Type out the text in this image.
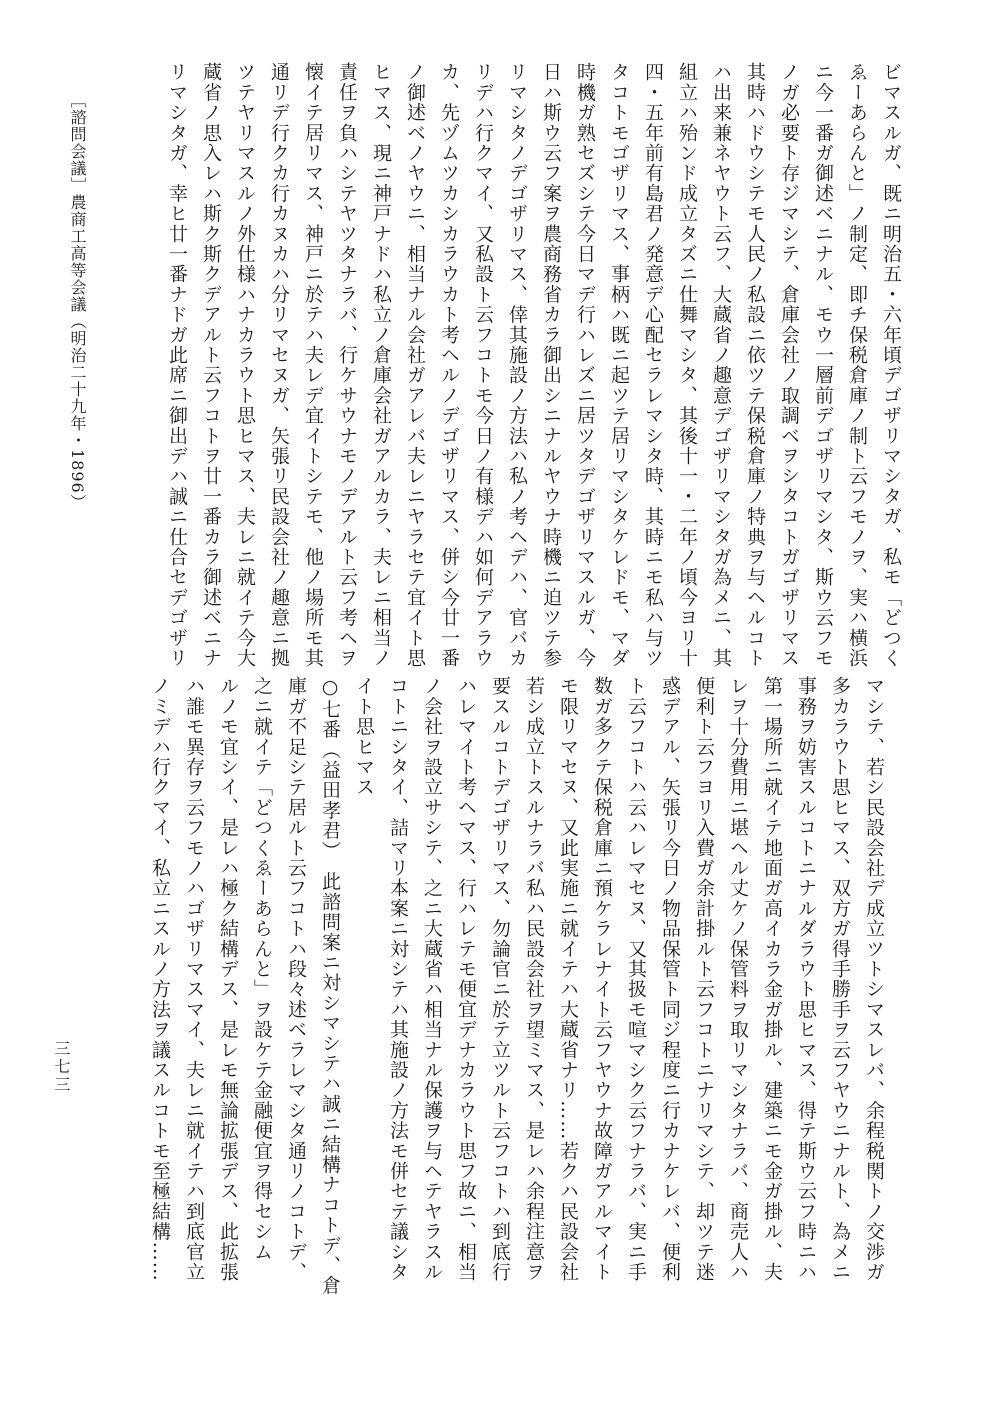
ビマスルガ、既ニ明治五・六年頃デゴザリマシタガ、私モ「どつく
ゑーあらんと」ノ制定、即チ保税倉庫ノ制ト云フモノヲ、実ハ横浜
ニ今一番ガ御述ベニナル、モウ一層前デゴザリマシタ、斯ウ云フモ
ノガ必要ト存ジマシテ、倉庫会社ノ取調ベヲシタコトガゴザリマス
其時ハドウシテモ人民ノ私設ニ依ツテ保税倉庫ノ特典ヲ与ヘルコト
ハ出来兼ネヤウト云フ、大蔵省ノ趣意デゴザリマシタガ為メニ、其
組立ハ殆ンド成立タズニ仕舞マシタ、其後十一・二年ノ頃今ヨリ十
四・五年前有島君ノ発意デ心配セラレマシタ時、其時ニモ私ハ与ツ
タコトモゴザリマス、事柄ハ既ニ起ツテ居リマシタケレドモ、マダ
時機ガ熟セズシテ今日マデ行ハレズニ居ツタデゴザリマスルガ、今
日ハ斯ウ云フ案ヲ農商務省カラ御出シニナルヤウナ時機ニ迫ツテ参
リマシタノデゴザリマス、倖其施設ノ方法ハ私ノ考ヘデハ、官バカ
リデハ行クマイ、又私設ト云フコトモ今日ノ有様デハ如何デアラウ
カ、先ヅムツカシカラウカト考ヘルノデゴザリマス、併シ今廿一番
ノ御述ベノヤウニ、相当ナル会社ガアレバ夫レニヤラセテ宜イト思
ヒマス、現ニ神戸ナドハ私立ノ倉庫会社ガアルカラ、夫レニ相当ノ
責任ヲ負ハシテヤツタナラバ、行ケサウナモノデアルト云フ考ヘヲ
懐イテ居リマス、神戸ニ於テハ夫レデ宜イトシテモ、他ノ場所モ其
通リデ行クカ行カヌカハ分リマセヌガ、矢張リ民設会社ノ趣意ニ拠
ツテヤリマスルノ外仕様ハナカラウト思ヒマス、夫レニ就イテ今大
蔵省ノ思入レハ斯ク斯クデアルト云フコトヲ廿一番カラ御述ベニナ
リマシタガ、幸ヒ廿一番ナドガ此席ニ御出デハ誠ニ仕合セデゴザリ
マシテ、若シ民設会社デ成立ツトシマスレバ、余程税関トノ交渉ガ
多カラウト思ヒマス、双方ガ得手勝手ヲ云フヤウニナルト、為メニ
事務ヲ妨害スルコトニナルダラウト思ヒマス、得テ斯ウ云フ時ニハ
第一場所ニ就イテ地面ガ高イカラ金ガ掛ル、建築ニモ金ガ掛ル、夫
レヲ十分費用ニ堪ヘル丈ケノ保管料ヲ取リマシタナラバ、商売人ハ
便利ト云フヨリ入費ガ余計掛ルト云フコトニナリマシテ、却ツテ迷
惑デアル、矢張リ今日ノ物品保管ト同ジ程度ニ行カナケレバ、便利
ト云フコトハ云ハレマセヌ、又其扱モ喧マシク云フナラバ、実ニ手
数ガ多クテ保税倉庫ニ預ケラレナイト云フヤウナ故障ガアルマイト
モ限リマセヌ、又此実施ニ就イテハ大蔵省ナリ……若クハ民設会社
若シ成立トスルナラバ私ハ民設会社ヲ望ミマス、是レハ余程注意ヲ
要スルコトデゴザリマス、勿論官ニ於テ立ツルト云フコトハ到底行
ハレマイト考ヘマス、行ハレテモ便宜デナカラウト思フ故ニ、相当
ノ会社ヲ設立サシテ、之ニ大蔵省ハ相当ナル保護ヲ与ヘテヤラスル
コトニシタイ、詰マリ本案ニ対シテハ其施設ノ方法モ併セテ議シタ
イト思ヒマス
○七番（益田孝君）　此諮問案ニ対シマシテハ誠ニ結構ナコトデ、倉
庫ガ不足シテ居ルト云フコトハ段々述ベラレマシタ通リノコトデ、
之ニ就イテ「どつくゑーあらんと」ヲ設ケテ金融便宜ヲ得セシム
ルノモ宜シイ、是レハ極ク結構デス、是レモ無論拡張デス、此拡張
ハ誰モ異存ヲ云フモノハゴザリマスマイ、夫レニ就イテハ到底官立
ノミデハ行クマイ、私立ニスルノ方法ヲ議スルコトモ至極結構……
［諮問会議］農商工高等会議（明治二十九年・1896）
三七三
